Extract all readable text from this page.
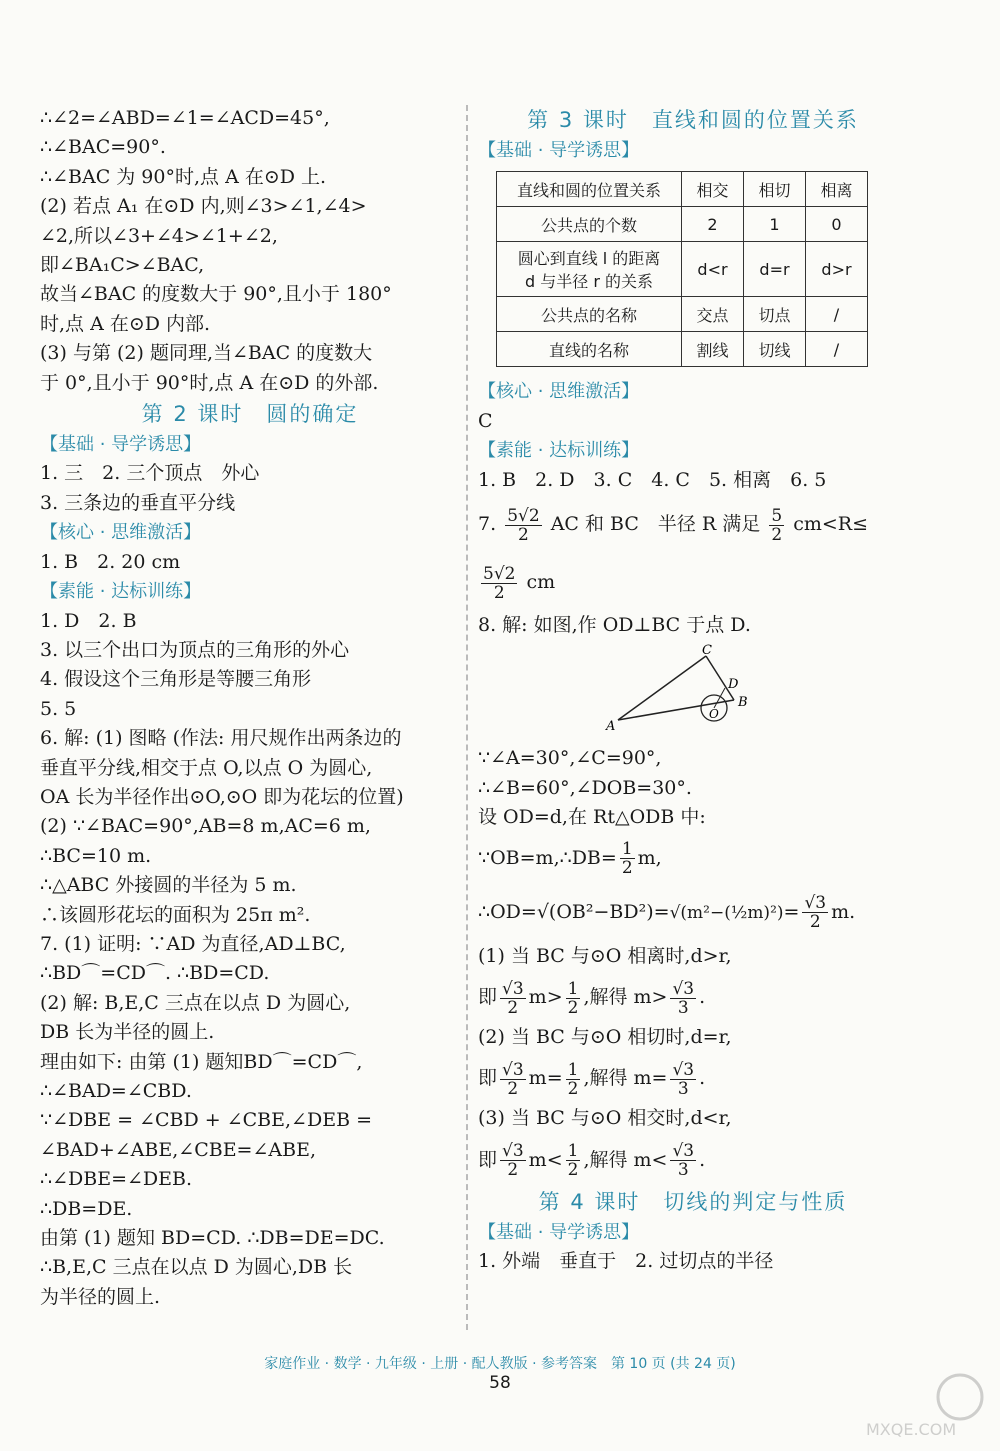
∴∠2=∠ABD=∠1=∠ACD=45°,
∴∠BAC=90°.
∴∠BAC 为 90°时,点 A 在⊙D 上.
(2) 若点 A₁ 在⊙D 内,则∠3>∠1,∠4>
∠2,所以∠3+∠4>∠1+∠2,
即∠BA₁C>∠BAC,
故当∠BAC 的度数大于 90°,且小于 180°
时,点 A 在⊙D 内部.
(3) 与第 (2) 题同理,当∠BAC 的度数大
于 0°,且小于 90°时,点 A 在⊙D 的外部.
第 2 课时　圆的确定
【基础 · 导学诱思】
1. 三　2. 三个顶点　外心
3. 三条边的垂直平分线
【核心 · 思维激活】
1. B　2. 20 cm
【素能 · 达标训练】
1. D　2. B
3. 以三个出口为顶点的三角形的外心
4. 假设这个三角形是等腰三角形
5. 5
6. 解: (1) 图略 (作法: 用尺规作出两条边的
垂直平分线,相交于点 O,以点 O 为圆心,
OA 长为半径作出⊙O,⊙O 即为花坛的位置)
(2) ∵∠BAC=90°,AB=8 m,AC=6 m,
∴BC=10 m.
∴△ABC 外接圆的半径为 5 m.
∴该圆形花坛的面积为 25π m².
7. (1) 证明: ∵AD 为直径,AD⊥BC,
∴BD⌒=CD⌒. ∴BD=CD.
(2) 解: B,E,C 三点在以点 D 为圆心,
DB 长为半径的圆上.
理由如下: 由第 (1) 题知BD⌒=CD⌒,
∴∠BAD=∠CBD.
∵∠DBE = ∠CBD + ∠CBE,∠DEB =
∠BAD+∠ABE,∠CBE=∠ABE,
∴∠DBE=∠DEB.
∴DB=DE.
由第 (1) 题知 BD=CD. ∴DB=DE=DC.
∴B,E,C 三点在以点 D 为圆心,DB 长
为半径的圆上.
第 3 课时　直线和圆的位置关系
【基础 · 导学诱思】
直线和圆的位置关系	相交	相切	相离
公共点的个数	2	1	0
圆心到直线 l 的距离
d 与半径 r 的关系	d<r	d=r	d>r
公共点的名称	交点	切点	/
直线的名称	割线	切线	/
【核心 · 思维激活】
C
【素能 · 达标训练】
1. B　2. D　3. C　4. C　5. 相离　6. 5
7. $\frac{5√2}{2}$ AC 和 BC　半径 R 满足 $\frac{5}{2} cm<R\le$
$\frac{5√2}{2}$ cm
8. 解: 如图,作 OD⊥BC 于点 D.
C
D
B
A
O
∵∠A=30°,∠C=90°,
∴∠B=60°,∠DOB=30°.
设 OD=d,在 Rt△ODB 中:
∵OB=m,∴DB= $\frac{1}{2} m$,
∴OD=√(OB²−BD²)=√(m²−(½m)²)= $\frac{√3}{2} m$.
(1) 当 BC 与⊙O 相离时,d>r,
即 $\frac{√3}{2} m> \frac{1}{2}$ ,解得 $m> \frac{√3}{3}$ .
(2) 当 BC 与⊙O 相切时,d=r,
即 $\frac{√3}{2} m= \frac{1}{2}$ ,解得 $m= \frac{√3}{3}$ .
(3) 当 BC 与⊙O 相交时,d<r,
即 $\frac{√3}{2} m< \frac{1}{2}$ ,解得 $m< \frac{√3}{3}$ .
第 4 课时　切线的判定与性质
【基础 · 导学诱思】
1. 外端　垂直于　2. 过切点的半径
家庭作业 · 数学 · 九年级 · 上册 · 配人教版 · 参考答案　第 10 页 (共 24 页)
58
MXQE.COM
